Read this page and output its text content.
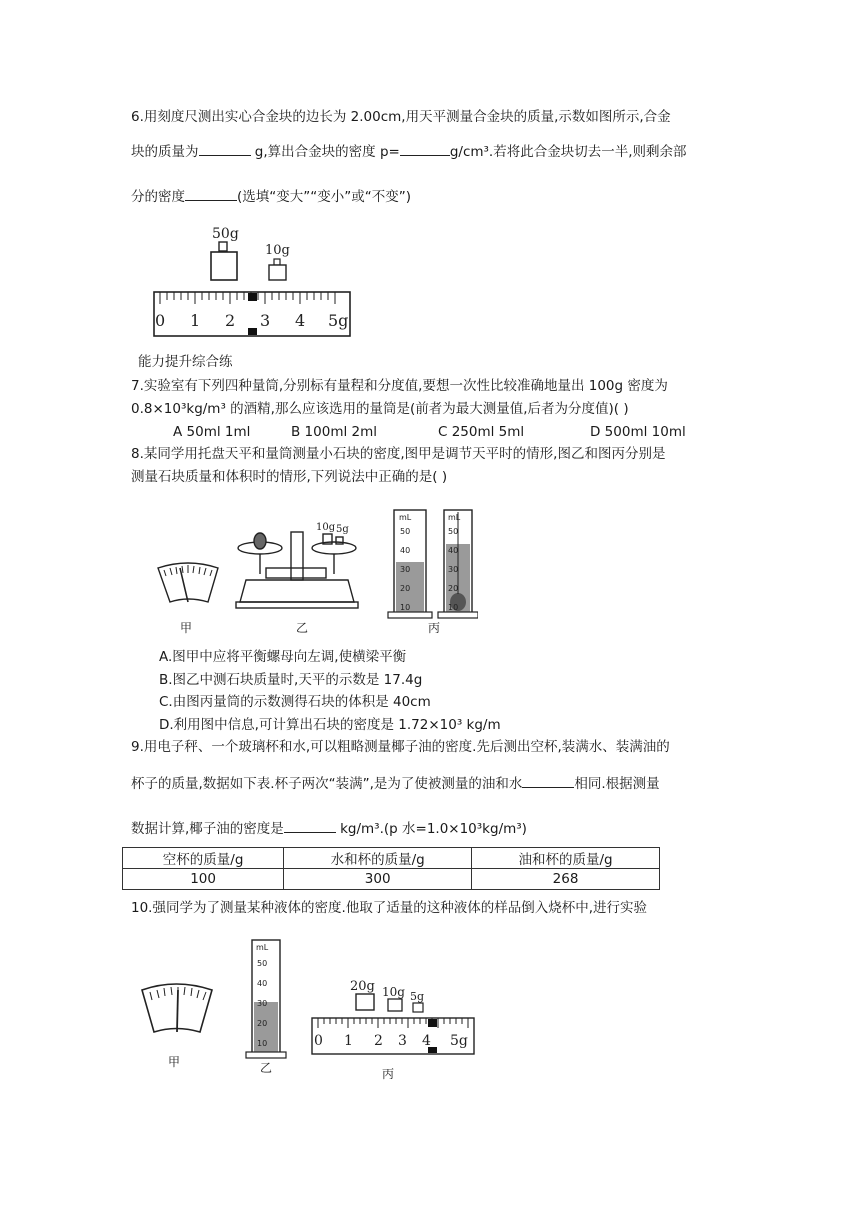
6.用刻度尺测出实心合金块的边长为 2.00cm,用天平测量合金块的质量,示数如图所示,合金
块的质量为	g,算出合金块的密度 p=	g/cm³.若将此合金块切去一半,则剩余部
分的密度	(选填“变大”“变小”或“不变”)
50g
10g
0 1 2 3 4 5g
能力提升综合练
7.实验室有下列四种量筒,分别标有量程和分度值,要想一次性比较准确地量出 100g 密度为
0.8×10³kg/m³ 的酒精,那么应该选用的量筒是(前者为最大测量值,后者为分度值)( )
A 50ml 1ml	B 100ml 2ml	C 250ml 5ml	D 500ml 10ml
8.某同学用托盘天平和量筒测量小石块的密度,图甲是调节天平时的情形,图乙和图丙分别是
测量石块质量和体积时的情形,下列说法中正确的是( )
甲
10g 5g
乙
mL
50
40
30
20
10
mL
50
40
30
20
10
丙
A.图甲中应将平衡螺母向左调,使横梁平衡
B.图乙中测石块质量时,天平的示数是 17.4g
C.由图丙量筒的示数测得石块的体积是 40cm
D.利用图中信息,可计算出石块的密度是 1.72×10³ kg/m
9.用电子秤、一个玻璃杯和水,可以粗略测量椰子油的密度.先后测出空杯,装满水、装满油的
杯子的质量,数据如下表.杯子两次“装满”,是为了使被测量的油和水	相同.根据测量
数据计算,椰子油的密度是	kg/m³.(p 水=1.0×10³kg/m³)
空杯的质量/g	水和杯的质量/g	油和杯的质量/g
100	300	268
10.强同学为了测量某种液体的密度.他取了适量的这种液体的样品倒入烧杯中,进行实验
甲
mL
50
40
30
20
10
乙
20g 10g 5g
0 1 2 3 4 5g
丙
